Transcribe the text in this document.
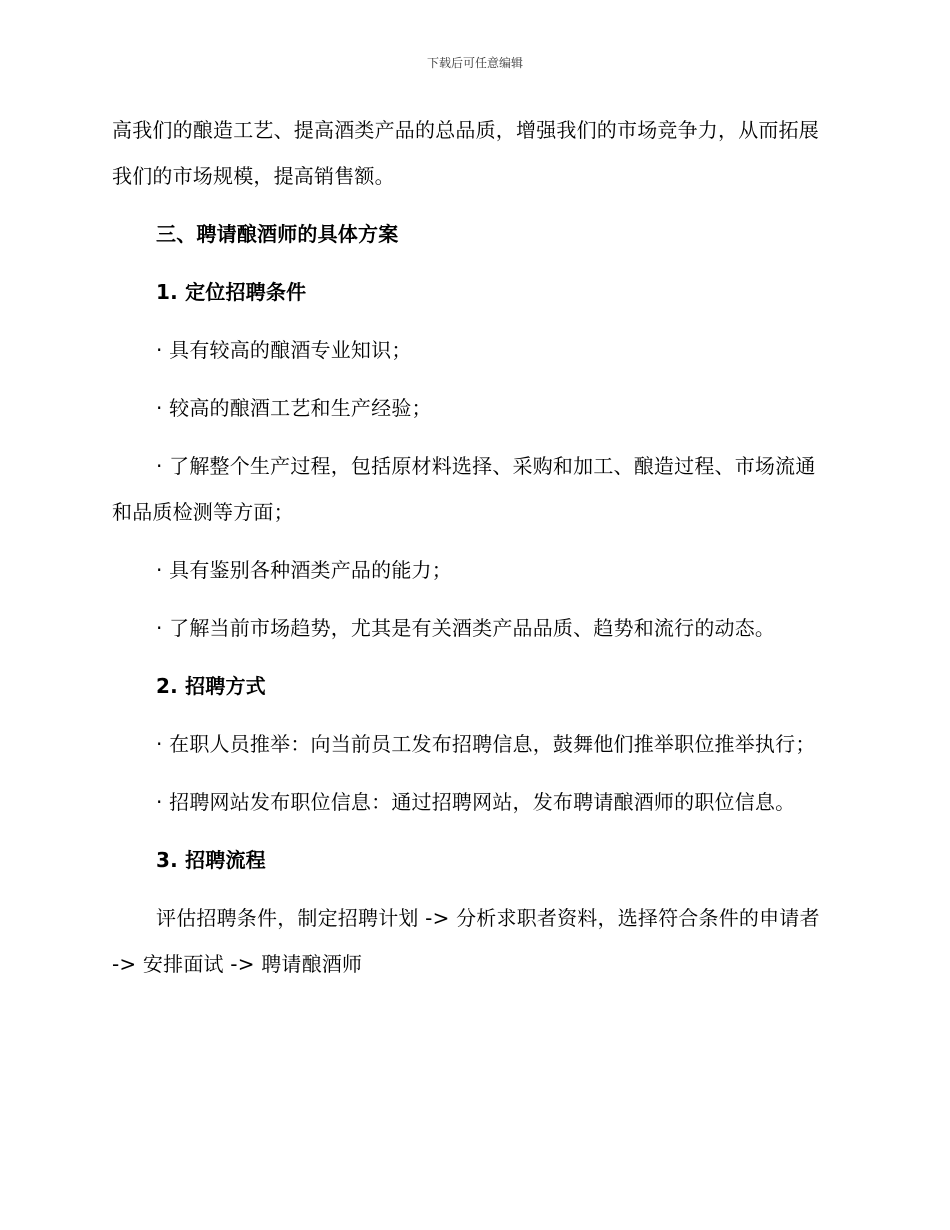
下载后可任意编辑

高我们的酿造工艺、提高酒类产品的总品质，增强我们的市场竞争力，从而拓展我们的市场规模，提高销售额。

三、聘请酿酒师的具体方案

1. 定位招聘条件

· 具有较高的酿酒专业知识；

· 较高的酿酒工艺和生产经验；

· 了解整个生产过程，包括原材料选择、采购和加工、酿造过程、市场流通和品质检测等方面；

· 具有鉴别各种酒类产品的能力；

· 了解当前市场趋势，尤其是有关酒类产品品质、趋势和流行的动态。

2. 招聘方式

· 在职人员推举：向当前员工发布招聘信息，鼓舞他们推举职位推举执行；

· 招聘网站发布职位信息：通过招聘网站，发布聘请酿酒师的职位信息。

3. 招聘流程

评估招聘条件，制定招聘计划 -> 分析求职者资料，选择符合条件的申请者 -> 安排面试 -> 聘请酿酒师
